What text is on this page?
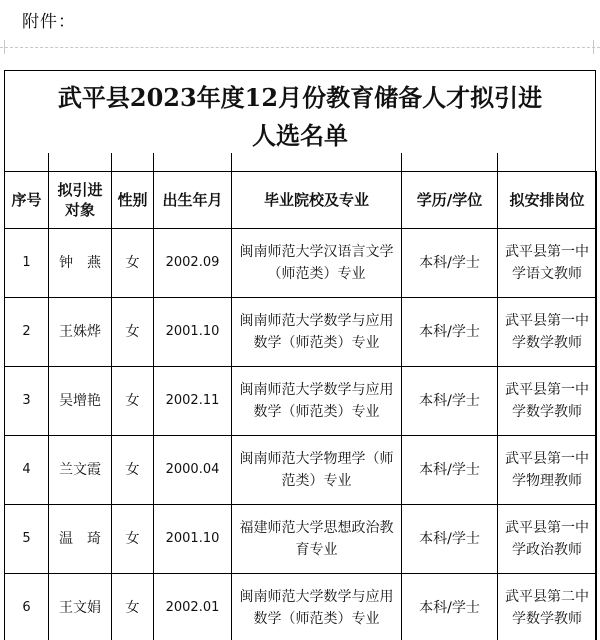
附件：
武平县2023年度12月份教育储备人才拟引进
人选名单
序号	拟引进对象	性别	出生年月	毕业院校及专业	学历/学位	拟安排岗位
1	钟　燕	女	2002.09	闽南师范大学汉语言文学（师范类）专业	本科/学士	武平县第一中学语文教师
2	王姝烨	女	2001.10	闽南师范大学数学与应用数学（师范类）专业	本科/学士	武平县第一中学数学教师
3	吴增艳	女	2002.11	闽南师范大学数学与应用数学（师范类）专业	本科/学士	武平县第一中学数学教师
4	兰文霞	女	2000.04	闽南师范大学物理学（师范类）专业	本科/学士	武平县第一中学物理教师
5	温　琦	女	2001.10	福建师范大学思想政治教育专业	本科/学士	武平县第一中学政治教师
6	王文娟	女	2002.01	闽南师范大学数学与应用数学（师范类）专业	本科/学士	武平县第二中学数学教师
